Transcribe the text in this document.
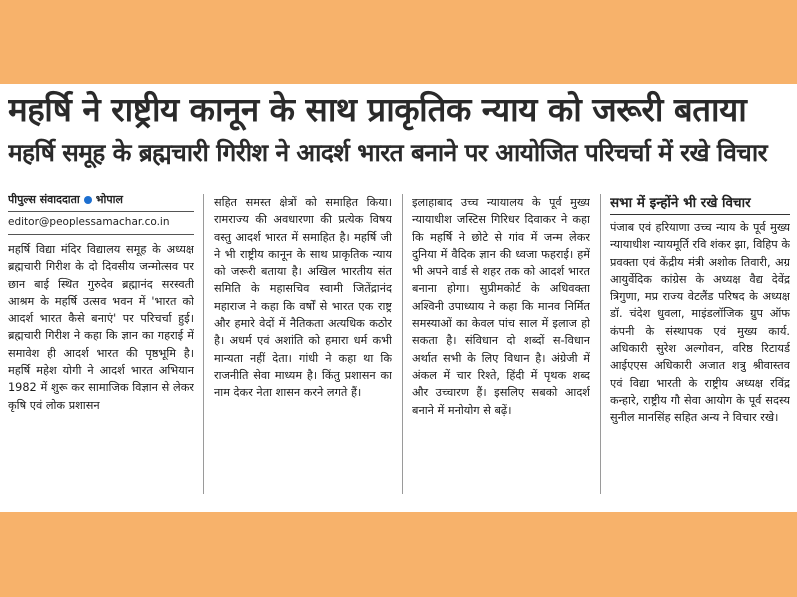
महर्षि ने राष्ट्रीय कानून के साथ प्राकृतिक न्याय को जरूरी बताया
महर्षि समूह के ब्रह्मचारी गिरीश ने आदर्श भारत बनाने पर आयोजित परिचर्चा में रखे विचार
पीपुल्स संवाददाता भोपाल
editor@peoplessamachar.co.in

महर्षि विद्या मंदिर विद्यालय समूह के अध्यक्ष ब्रह्मचारी गिरीश के दो दिवसीय जन्मोत्सव पर छान बाई स्थित गुरुदेव ब्रह्मानंद सरस्वती आश्रम के महर्षि उत्सव भवन में 'भारत को आदर्श भारत कैसे बनाएं' पर परिचर्चा हुई। ब्रह्मचारी गिरीश ने कहा कि ज्ञान का गहराई में समावेश ही आदर्श भारत की पृष्ठभूमि है। महर्षि महेश योगी ने आदर्श भारत अभियान 1982 में शुरू कर सामाजिक विज्ञान से लेकर कृषि एवं लोक प्रशासन

सहित समस्त क्षेत्रों को समाहित किया। रामराज्य की अवधारणा की प्रत्येक विषय वस्तु आदर्श भारत में समाहित है। महर्षि जी ने भी राष्ट्रीय कानून के साथ प्राकृतिक न्याय को जरूरी बताया है। अखिल भारतीय संत समिति के महासचिव स्वामी जितेंद्रानंद महाराज ने कहा कि वर्षों से भारत एक राष्ट्र और हमारे वेदों में नैतिकता अत्यधिक कठोर है। अधर्म एवं अशांति को हमारा धर्म कभी मान्यता नहीं देता। गांधी ने कहा था कि राजनीति सेवा माध्यम है। किंतु प्रशासन का नाम देकर नेता शासन करने लगते हैं।

इलाहाबाद उच्च न्यायालय के पूर्व मुख्य न्यायाधीश जस्टिस गिरिधर दिवाकर ने कहा कि महर्षि ने छोटे से गांव में जन्म लेकर दुनिया में वैदिक ज्ञान की ध्वजा फहराई। हमें भी अपने वार्ड से शहर तक को आदर्श भारत बनाना होगा। सुप्रीमकोर्ट के अधिवक्ता अश्विनी उपाध्याय ने कहा कि मानव निर्मित समस्याओं का केवल पांच साल में इलाज हो सकता है। संविधान दो शब्दों स-विधान अर्थात सभी के लिए विधान है। अंग्रेजी में अंकल में चार रिश्ते, हिंदी में पृथक शब्द और उच्चारण हैं। इसलिए सबको आदर्श बनाने में मनोयोग से बढ़ें।

सभा में इन्होंने भी रखे विचार

पंजाब एवं हरियाणा उच्च न्याय के पूर्व मुख्य न्यायाधीश न्यायमूर्ति रवि शंकर झा, विहिप के प्रवक्ता एवं केंद्रीय मंत्री अशोक तिवारी, अग्र आयुर्वेदिक कांग्रेस के अध्यक्ष वैद्य देवेंद्र त्रिगुणा, मप्र राज्य वेटलैंड परिषद के अध्यक्ष डॉ. चंदेश धुवला, माइंडलॉजिक ग्रुप ऑफ कंपनी के संस्थापक एवं मुख्य कार्य. अधिकारी सुरेश अल्गोवन, वरिष्ठ रिटायर्ड आईएएस अधिकारी अजात शत्रु श्रीवास्तव एवं विद्या भारती के राष्ट्रीय अध्यक्ष रविंद्र कन्हारे, राष्ट्रीय गौ सेवा आयोग के पूर्व सदस्य सुनील मानसिंह सहित अन्य ने विचार रखे।
